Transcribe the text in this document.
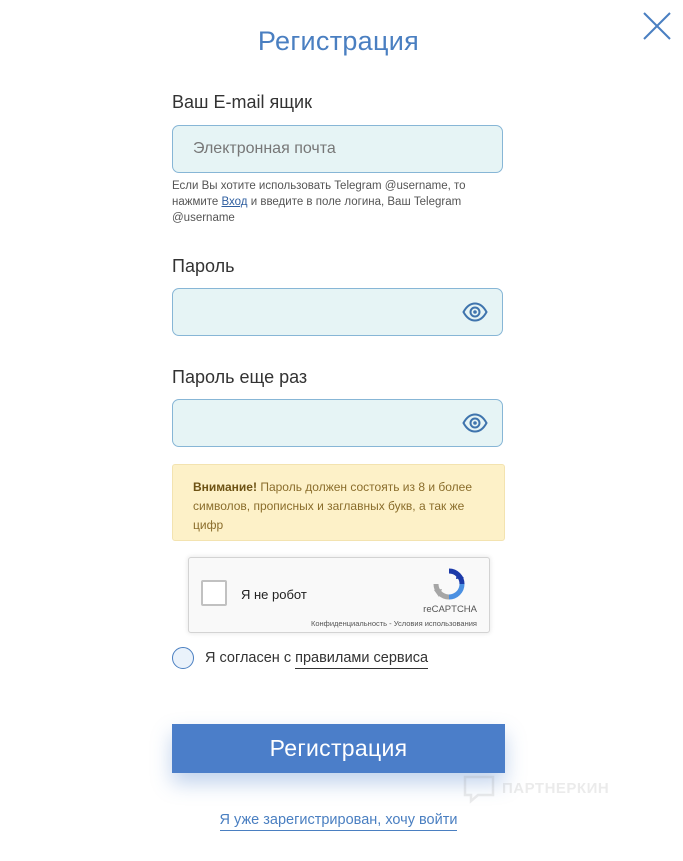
Регистрация
Ваш E-mail ящик
Электронная почта
Если Вы хотите использовать Telegram @username, то нажмите Вход и введите в поле логина, Ваш Telegram @username
Пароль
Пароль еще раз
Внимание! Пароль должен состоять из 8 и более символов, прописных и заглавных букв, а так же цифр
Я не робот
reCAPTCHA
Конфиденциальность - Условия использования
Я согласен с правилами сервиса
Регистрация
ПАРТНЕРКИН
Я уже зарегистрирован, хочу войти
